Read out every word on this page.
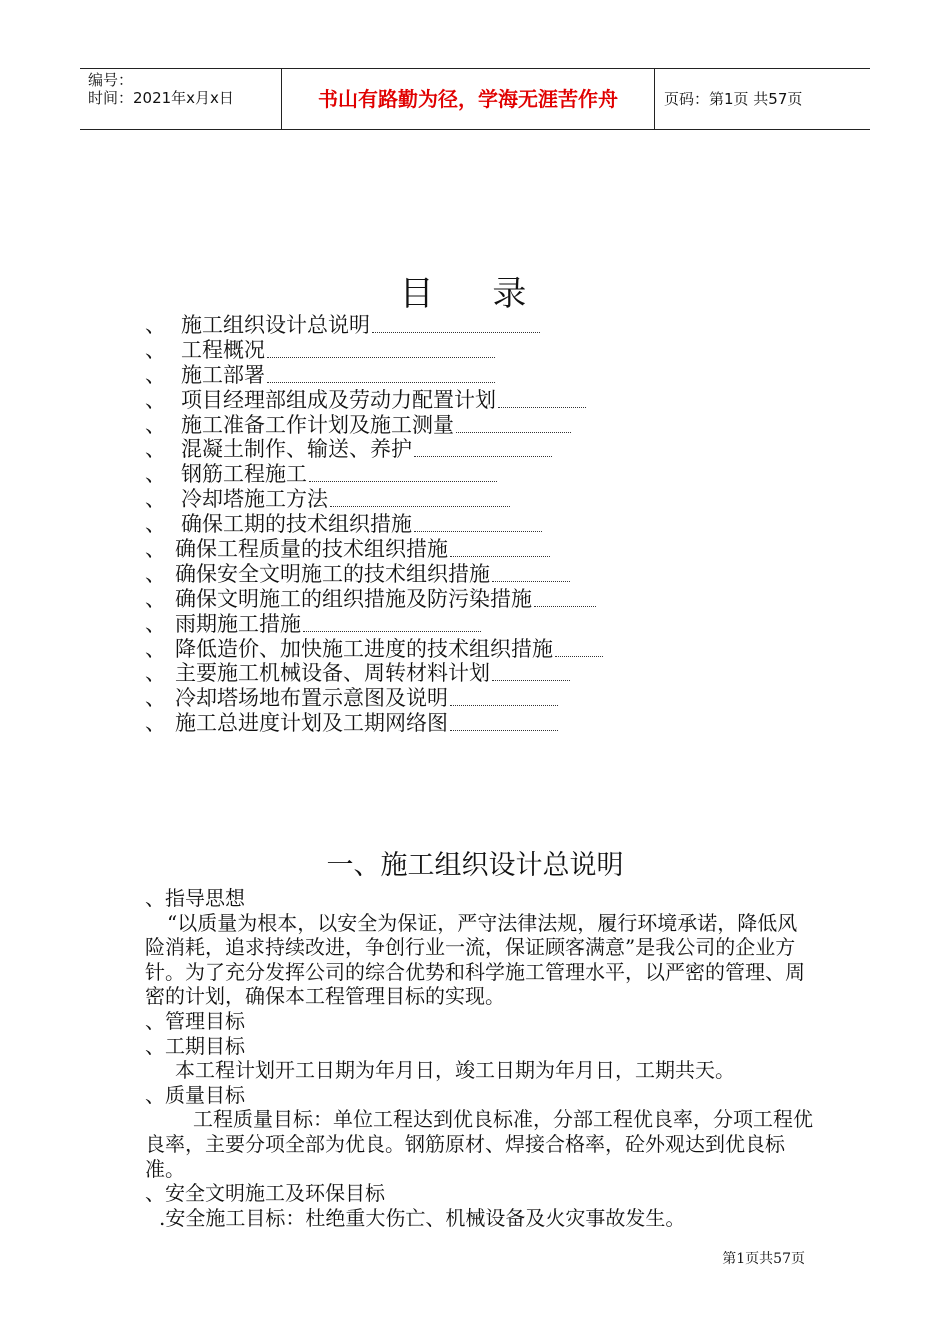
编号：
时间：2021年x月x日	书山有路勤为径，学海无涯苦作舟	页码：第1页 共57页
目 录
、 施工组织设计总说明
、 工程概况
、 施工部署
、 项目经理部组成及劳动力配置计划
、 施工准备工作计划及施工测量
、 混凝土制作、输送、养护
、 钢筋工程施工
、 冷却塔施工方法
、 确保工期的技术组织措施
、 确保工程质量的技术组织措施
、 确保安全文明施工的技术组织措施
、 确保文明施工的组织措施及防污染措施
、 雨期施工措施
、 降低造价、加快施工进度的技术组织措施
、 主要施工机械设备、周转材料计划
、 冷却塔场地布置示意图及说明
、 施工总进度计划及工期网络图
一、施工组织设计总说明

、指导思想

“以质量为根本，以安全为保证，严守法律法规，履行环境承诺，降低风险消耗，追求持续改进，争创行业一流，保证顾客满意”是我公司的企业方针。为了充分发挥公司的综合优势和科学施工管理水平，以严密的管理、周密的计划，确保本工程管理目标的实现。

、管理目标

、工期目标

本工程计划开工日期为年月日，竣工日期为年月日，工期共天。

、质量目标

工程质量目标：单位工程达到优良标准，分部工程优良率，分项工程优良率，主要分项全部为优良。钢筋原材、焊接合格率，砼外观达到优良标准。

、安全文明施工及环保目标

.安全施工目标：杜绝重大伤亡、机械设备及火灾事故发生。

第1页共57页
